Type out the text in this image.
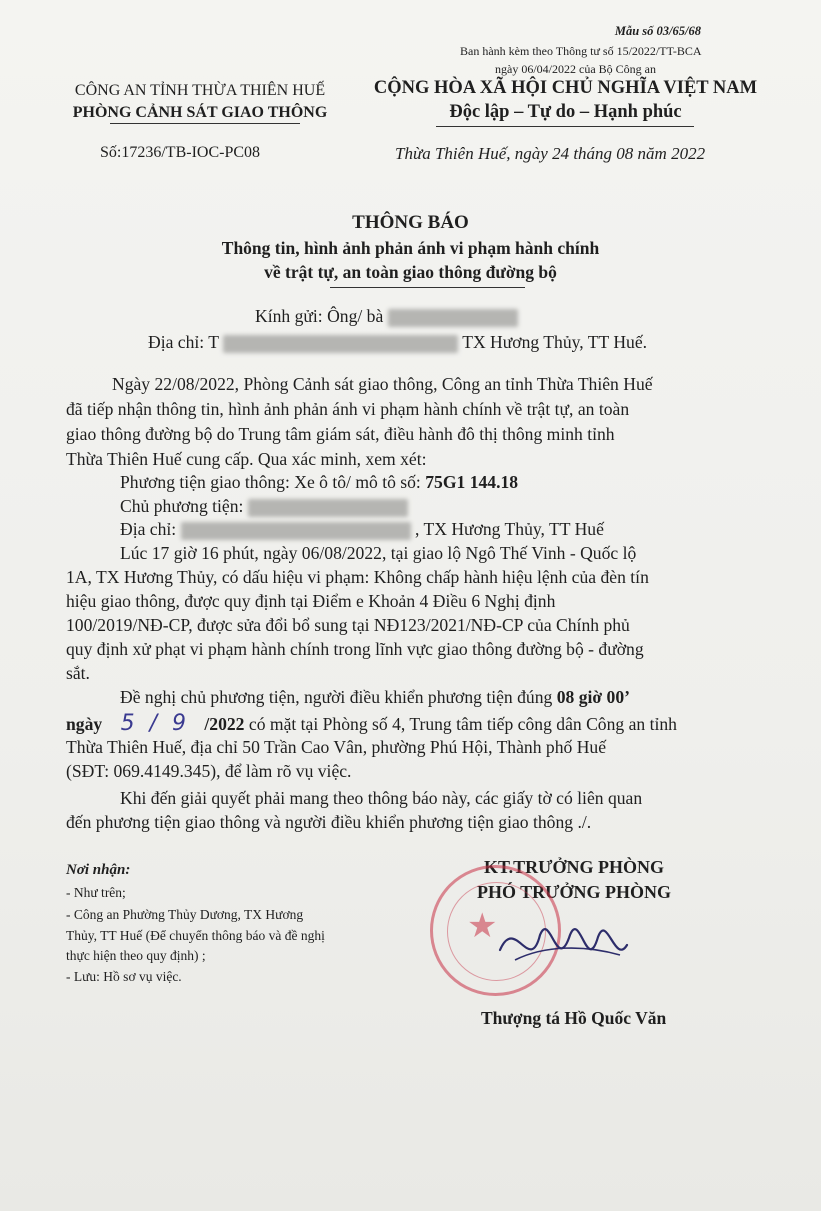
Mẫu số 03/65/68
Ban hành kèm theo Thông tư số 15/2022/TT-BCA
ngày 06/04/2022 của Bộ Công an
CÔNG AN TỈNH THỪA THIÊN HUẾ
PHÒNG CẢNH SÁT GIAO THÔNG
CỘNG HÒA XÃ HỘI CHỦ NGHĨA VIỆT NAM
Độc lập – Tự do – Hạnh phúc
Số:17236/TB-IOC-PC08	Thừa Thiên Huế, ngày 24 tháng 08 năm 2022
THÔNG BÁO
Thông tin, hình ảnh phản ánh vi phạm hành chính
về trật tự, an toàn giao thông đường bộ
Kính gửi: Ông/ bà
Địa chỉ: T	TX Hương Thủy, TT Huế.
Ngày 22/08/2022, Phòng Cảnh sát giao thông, Công an tỉnh Thừa Thiên Huế
đã tiếp nhận thông tin, hình ảnh phản ánh vi phạm hành chính về trật tự, an toàn
giao thông đường bộ do Trung tâm giám sát, điều hành đô thị thông minh tỉnh
Thừa Thiên Huế cung cấp. Qua xác minh, xem xét:
Phương tiện giao thông: Xe ô tô/ mô tô số: 75G1 144.18
Chủ phương tiện:
Địa chỉ:	, TX Hương Thủy, TT Huế
Lúc 17 giờ 16 phút, ngày 06/08/2022, tại giao lộ Ngô Thế Vinh - Quốc lộ
1A, TX Hương Thủy, có dấu hiệu vi phạm: Không chấp hành hiệu lệnh của đèn tín
hiệu giao thông, được quy định tại Điểm e Khoản 4 Điều 6 Nghị định
100/2019/NĐ-CP, được sửa đổi bổ sung tại NĐ123/2021/NĐ-CP của Chính phủ
quy định xử phạt vi phạm hành chính trong lĩnh vực giao thông đường bộ - đường
sắt.
Đề nghị chủ phương tiện, người điều khiển phương tiện đúng 08 giờ 00’
ngày 5 / 9 /2022 có mặt tại Phòng số 4, Trung tâm tiếp công dân Công an tỉnh
Thừa Thiên Huế, địa chỉ 50 Trần Cao Vân, phường Phú Hội, Thành phố Huế
(SĐT: 069.4149.345), để làm rõ vụ việc.
Khi đến giải quyết phải mang theo thông báo này, các giấy tờ có liên quan
đến phương tiện giao thông và người điều khiển phương tiện giao thông ./.
Nơi nhận:
- Như trên;
- Công an Phường Thủy Dương, TX Hương
Thủy, TT Huế (Để chuyển thông báo và đề nghị
thực hiện theo quy định) ;
- Lưu: Hồ sơ vụ việc.
KT.TRƯỞNG PHÒNG
PHÓ TRƯỞNG PHÒNG
★
Thượng tá Hồ Quốc Văn
